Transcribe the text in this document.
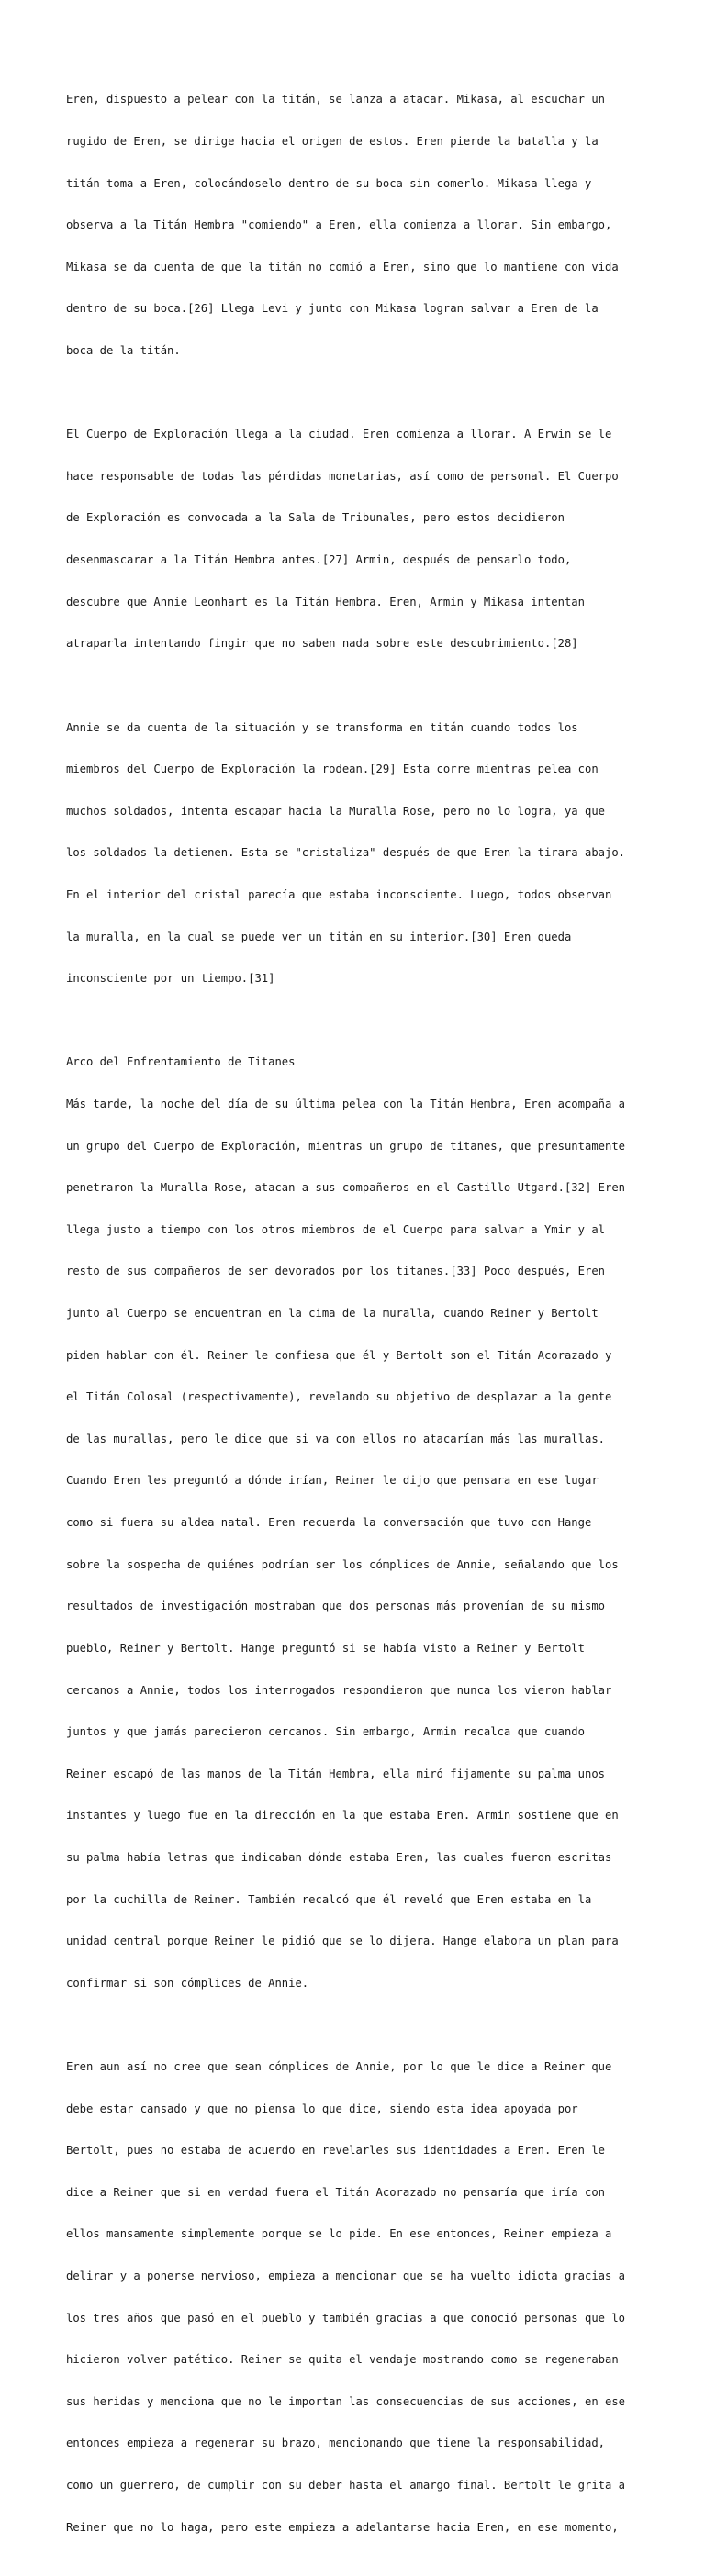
Eren, dispuesto a pelear con la titán, se lanza a atacar. Mikasa, al escuchar un

rugido de Eren, se dirige hacia el origen de estos. Eren pierde la batalla y la

titán toma a Eren, colocándoselo dentro de su boca sin comerlo. Mikasa llega y

observa a la Titán Hembra "comiendo" a Eren, ella comienza a llorar. Sin embargo,

Mikasa se da cuenta de que la titán no comió a Eren, sino que lo mantiene con vida

dentro de su boca.[26] Llega Levi y junto con Mikasa logran salvar a Eren de la

boca de la titán.

El Cuerpo de Exploración llega a la ciudad. Eren comienza a llorar. A Erwin se le

hace responsable de todas las pérdidas monetarias, así como de personal. El Cuerpo

de Exploración es convocada a la Sala de Tribunales, pero estos decidieron

desenmascarar a la Titán Hembra antes.[27] Armin, después de pensarlo todo,

descubre que Annie Leonhart es la Titán Hembra. Eren, Armin y Mikasa intentan

atraparla intentando fingir que no saben nada sobre este descubrimiento.[28]

Annie se da cuenta de la situación y se transforma en titán cuando todos los

miembros del Cuerpo de Exploración la rodean.[29] Esta corre mientras pelea con

muchos soldados, intenta escapar hacia la Muralla Rose, pero no lo logra, ya que

los soldados la detienen. Esta se "cristaliza" después de que Eren la tirara abajo.

En el interior del cristal parecía que estaba inconsciente. Luego, todos observan

la muralla, en la cual se puede ver un titán en su interior.[30] Eren queda

inconsciente por un tiempo.[31]

Arco del Enfrentamiento de Titanes

Más tarde, la noche del día de su última pelea con la Titán Hembra, Eren acompaña a

un grupo del Cuerpo de Exploración, mientras un grupo de titanes, que presuntamente

penetraron la Muralla Rose, atacan a sus compañeros en el Castillo Utgard.[32] Eren

llega justo a tiempo con los otros miembros de el Cuerpo para salvar a Ymir y al

resto de sus compañeros de ser devorados por los titanes.[33] Poco después, Eren

junto al Cuerpo se encuentran en la cima de la muralla, cuando Reiner y Bertolt

piden hablar con él. Reiner le confiesa que él y Bertolt son el Titán Acorazado y

el Titán Colosal (respectivamente), revelando su objetivo de desplazar a la gente

de las murallas, pero le dice que si va con ellos no atacarían más las murallas.

Cuando Eren les preguntó a dónde irían, Reiner le dijo que pensara en ese lugar

como si fuera su aldea natal. Eren recuerda la conversación que tuvo con Hange

sobre la sospecha de quiénes podrían ser los cómplices de Annie, señalando que los

resultados de investigación mostraban que dos personas más provenían de su mismo

pueblo, Reiner y Bertolt. Hange preguntó si se había visto a Reiner y Bertolt

cercanos a Annie, todos los interrogados respondieron que nunca los vieron hablar

juntos y que jamás parecieron cercanos. Sin embargo, Armin recalca que cuando

Reiner escapó de las manos de la Titán Hembra, ella miró fijamente su palma unos

instantes y luego fue en la dirección en la que estaba Eren. Armin sostiene que en

su palma había letras que indicaban dónde estaba Eren, las cuales fueron escritas

por la cuchilla de Reiner. También recalcó que él reveló que Eren estaba en la

unidad central porque Reiner le pidió que se lo dijera. Hange elabora un plan para

confirmar si son cómplices de Annie.

Eren aun así no cree que sean cómplices de Annie, por lo que le dice a Reiner que

debe estar cansado y que no piensa lo que dice, siendo esta idea apoyada por

Bertolt, pues no estaba de acuerdo en revelarles sus identidades a Eren. Eren le

dice a Reiner que si en verdad fuera el Titán Acorazado no pensaría que iría con

ellos mansamente simplemente porque se lo pide. En ese entonces, Reiner empieza a

delirar y a ponerse nervioso, empieza a mencionar que se ha vuelto idiota gracias a

los tres años que pasó en el pueblo y también gracias a que conoció personas que lo

hicieron volver patético. Reiner se quita el vendaje mostrando como se regeneraban

sus heridas y menciona que no le importan las consecuencias de sus acciones, en ese

entonces empieza a regenerar su brazo, mencionando que tiene la responsabilidad,

como un guerrero, de cumplir con su deber hasta el amargo final. Bertolt le grita a

Reiner que no lo haga, pero este empieza a adelantarse hacia Eren, en ese momento,
